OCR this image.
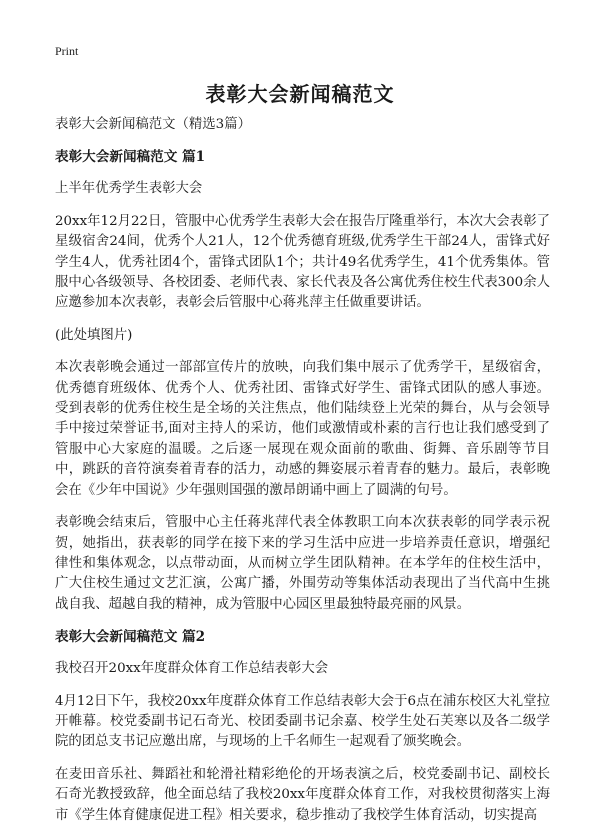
Print
表彰大会新闻稿范文

表彰大会新闻稿范文（精选3篇）

表彰大会新闻稿范文 篇1

上半年优秀学生表彰大会

20xx年12月22日，管服中心优秀学生表彰大会在报告厅隆重举行，本次大会表彰了星级宿舍24间，优秀个人21人，12个优秀德育班级,优秀学生干部24人，雷锋式好学生4人，优秀社团4个，雷锋式团队1个；共计49名优秀学生，41个优秀集体。管服中心各级领导、各校团委、老师代表、家长代表及各公寓优秀住校生代表300余人应邀参加本次表彰，表彰会后管服中心蒋兆萍主任做重要讲话。

(此处填图片)

本次表彰晚会通过一部部宣传片的放映，向我们集中展示了优秀学干，星级宿舍，优秀德育班级体、优秀个人、优秀社团、雷锋式好学生、雷锋式团队的感人事迹。受到表彰的优秀住校生是全场的关注焦点，他们陆续登上光荣的舞台，从与会领导手中接过荣誉证书,面对主持人的采访，他们或激情或朴素的言行也让我们感受到了管服中心大家庭的温暖。之后逐一展现在观众面前的歌曲、街舞、音乐剧等节目中，跳跃的音符演奏着青春的活力，动感的舞姿展示着青春的魅力。最后，表彰晚会在《少年中国说》少年强则国强的激昂朗诵中画上了圆满的句号。

表彰晚会结束后，管服中心主任蒋兆萍代表全体教职工向本次获表彰的同学表示祝贺，她指出，获表彰的同学在接下来的学习生活中应进一步培养责任意识，增强纪律性和集体观念，以点带动面，从而树立学生团队精神。在本学年的住校生活中，广大住校生通过文艺汇演，公寓广播，外围劳动等集体活动表现出了当代高中生挑战自我、超越自我的精神，成为管服中心园区里最独特最亮丽的风景。

表彰大会新闻稿范文 篇2

我校召开20xx年度群众体育工作总结表彰大会

4月12日下午，我校20xx年度群众体育工作总结表彰大会于6点在浦东校区大礼堂拉开帷幕。校党委副书记石奇光、校团委副书记余嘉、校学生处石芙寒以及各二级学院的团总支书记应邀出席，与现场的上千名师生一起观看了颁奖晚会。

在麦田音乐社、舞蹈社和轮滑社精彩绝伦的开场表演之后，校党委副书记、副校长石奇光教授致辞，他全面总结了我校20xx年度群众体育工作，对我校贯彻落实上海市《学生体育健康促进工程》相关要求，稳步推动了我校学生体育活动，切实提高
